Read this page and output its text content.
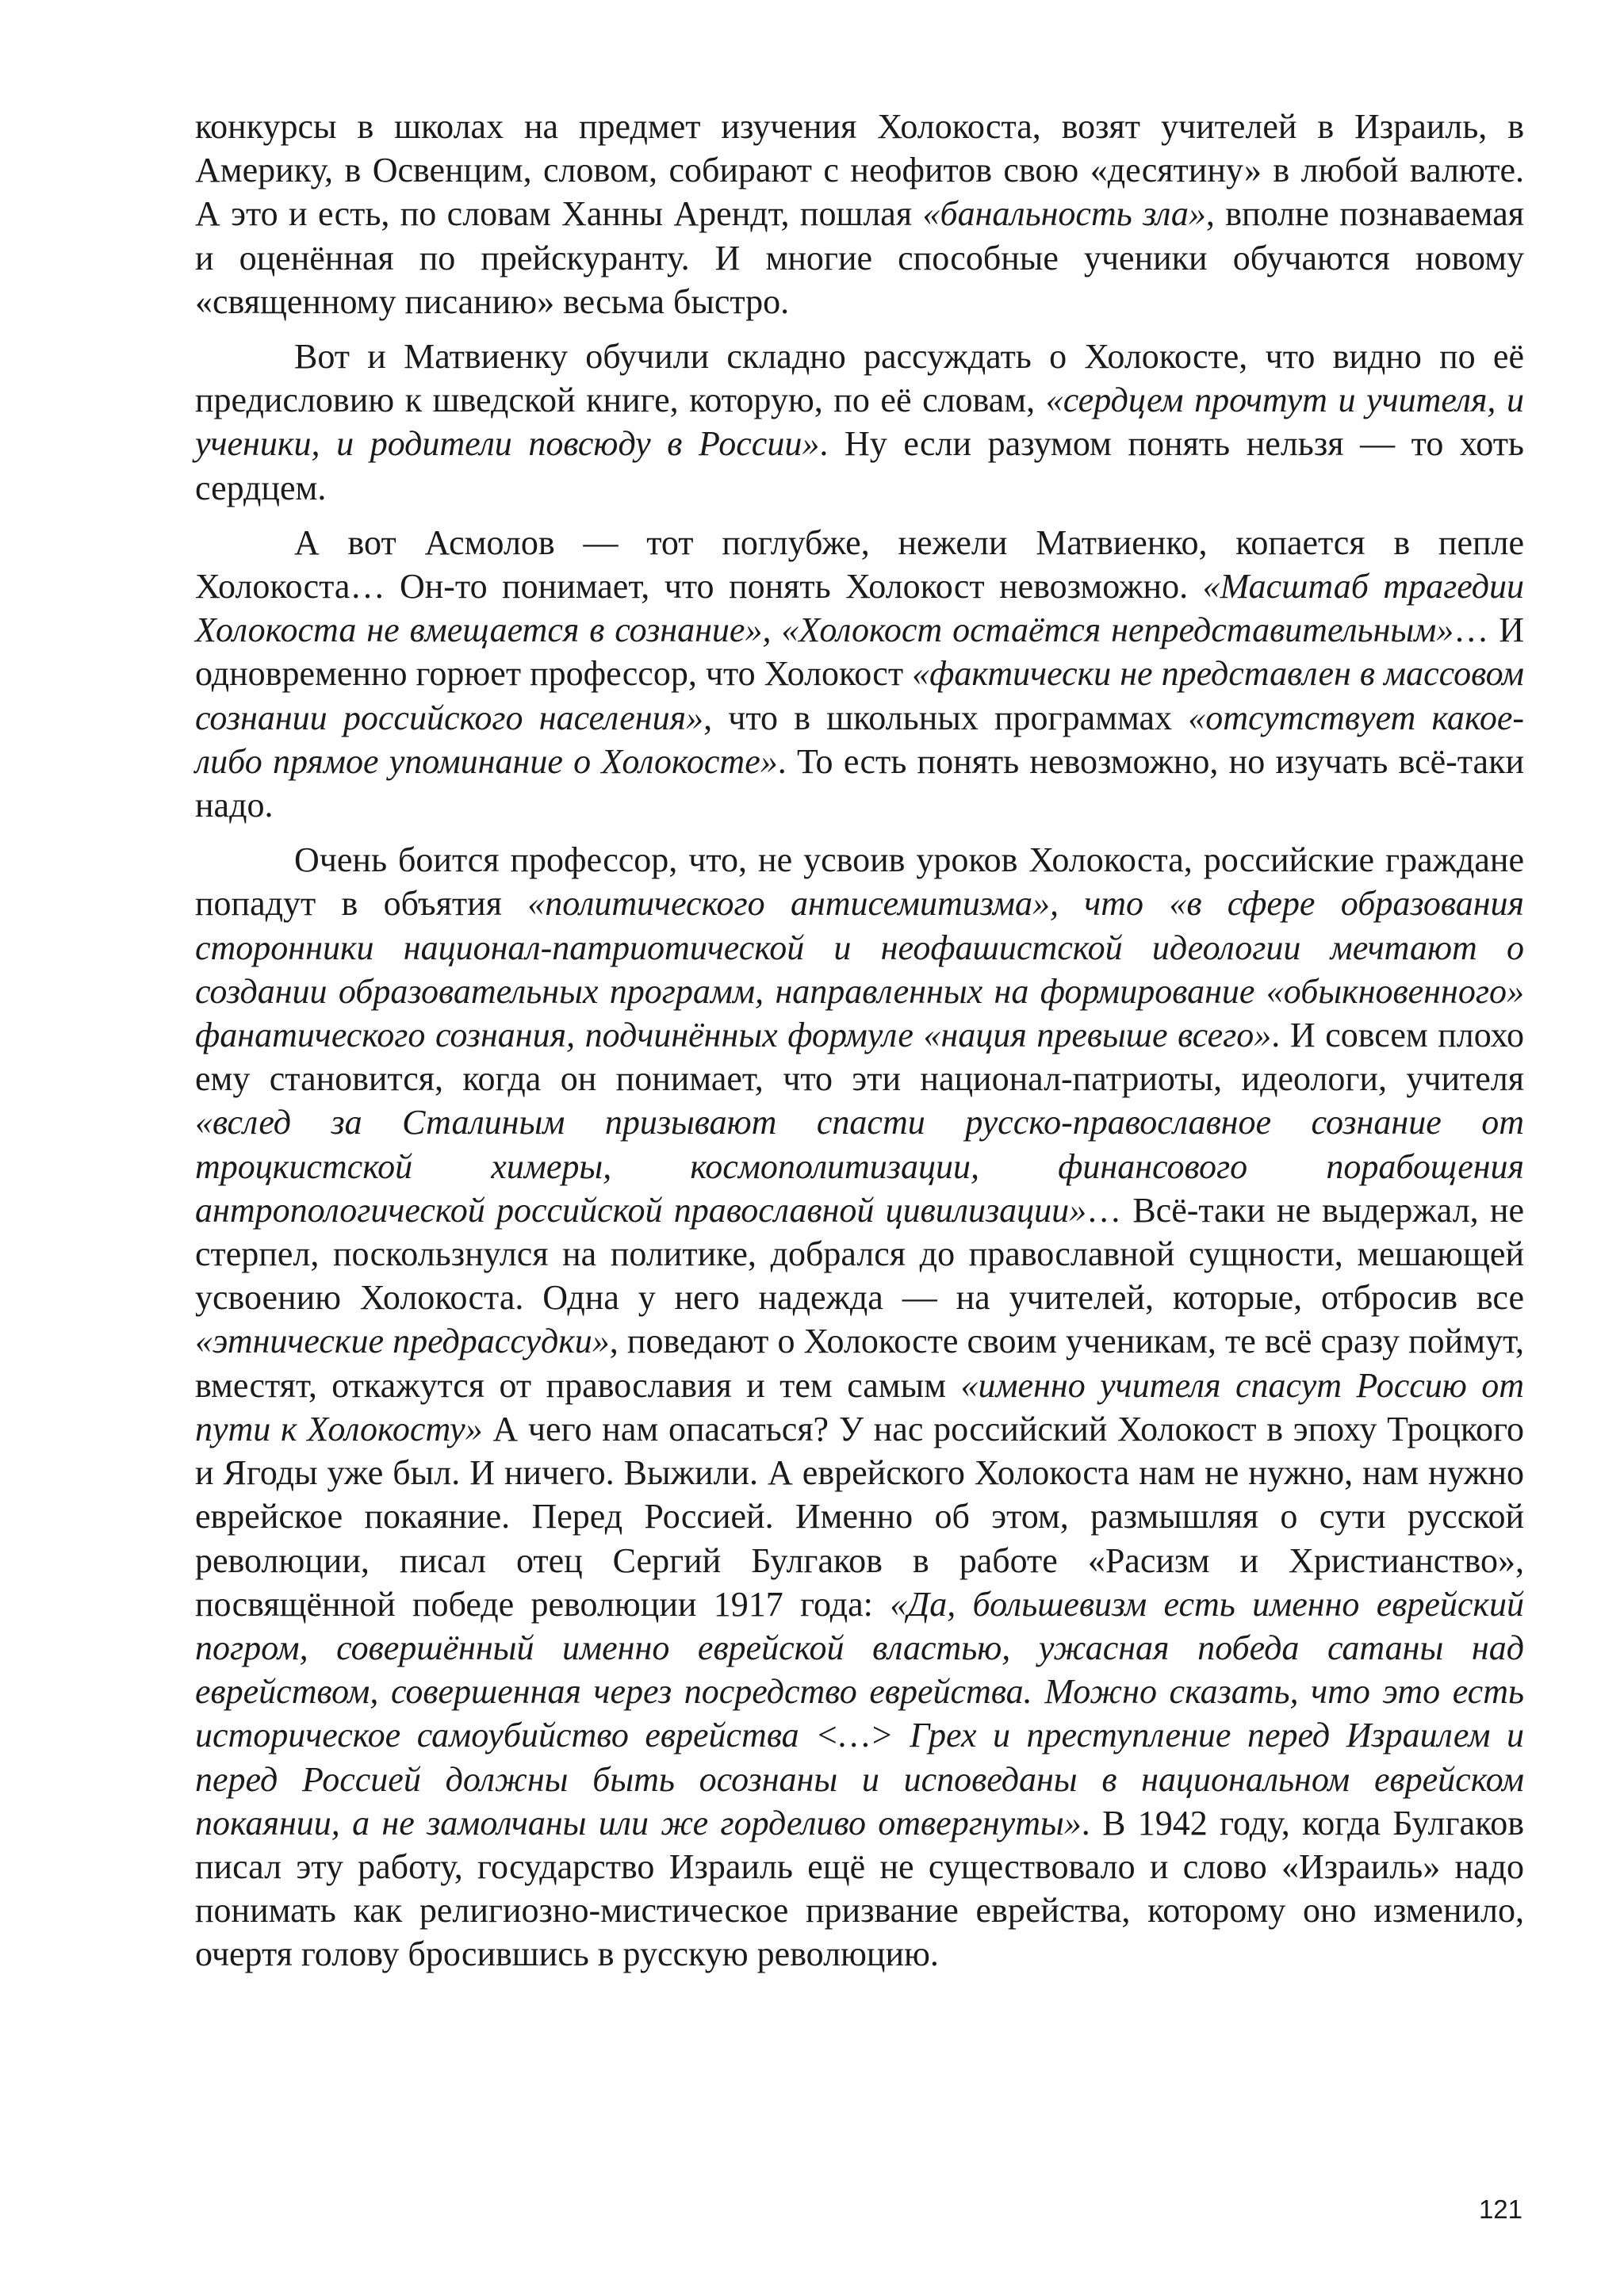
конкурсы в школах на предмет изучения Холокоста, возят учителей в Израиль, в Америку, в Освенцим, словом, собирают с неофитов свою «десятину» в любой валюте. А это и есть, по словам Ханны Арендт, пошлая «банальность зла», вполне познаваемая и оценённая по прейскуранту. И многие способные ученики обучаются новому «священному писанию» весьма быстро.

Вот и Матвиенку обучили складно рассуждать о Холокосте, что видно по её предисловию к шведской книге, которую, по её словам, «сердцем прочтут и учителя, и ученики, и родители повсюду в России». Ну если разумом понять нельзя — то хоть сердцем.

А вот Асмолов — тот поглубже, нежели Матвиенко, копается в пепле Холокоста… Он-то понимает, что понять Холокост невозможно. «Масштаб трагедии Холокоста не вмещается в сознание», «Холокост остаётся непредставительным»… И одновременно горюет профессор, что Холокост «фактически не представлен в массовом сознании российского населения», что в школьных программах «отсутствует какое-либо прямое упоминание о Холокосте». То есть понять невозможно, но изучать всё-таки надо.

Очень боится профессор, что, не усвоив уроков Холокоста, российские граждане попадут в объятия «политического антисемитизма», что «в сфере образования сторонники национал-патриотической и неофашистской идеологии мечтают о создании образовательных программ, направленных на формирование «обыкновенного» фанатического сознания, подчинённых формуле «нация превыше всего». И совсем плохо ему становится, когда он понимает, что эти национал-патриоты, идеологи, учителя «вслед за Сталиным призывают спасти русско-православное сознание от троцкистской химеры, космополитизации, финансового порабощения антропологической российской православной цивилизации»… Всё-таки не выдержал, не стерпел, поскользнулся на политике, добрался до православной сущности, мешающей усвоению Холокоста. Одна у него надежда — на учителей, которые, отбросив все «этнические предрассудки», поведают о Холокосте своим ученикам, те всё сразу поймут, вместят, откажутся от православия и тем самым «именно учителя спасут Россию от пути к Холокосту» А чего нам опасаться? У нас российский Холокост в эпоху Троцкого и Ягоды уже был. И ничего. Выжили. А еврейского Холокоста нам не нужно, нам нужно еврейское покаяние. Перед Россией. Именно об этом, размышляя о сути русской революции, писал отец Сергий Булгаков в работе «Расизм и Христианство», посвящённой победе революции 1917 года: «Да, большевизм есть именно еврейский погром, совершённый именно еврейской властью, ужасная победа сатаны над еврейством, совершенная через посредство еврейства. Можно сказать, что это есть историческое самоубийство еврейства <…> Грех и преступление перед Израилем и перед Россией должны быть осознаны и исповеданы в национальном еврейском покаянии, а не замолчаны или же горделиво отвергнуты». В 1942 году, когда Булгаков писал эту работу, государство Израиль ещё не существовало и слово «Израиль» надо понимать как религиозно-мистическое призвание еврейства, которому оно изменило, очертя голову бросившись в русскую революцию.

121
